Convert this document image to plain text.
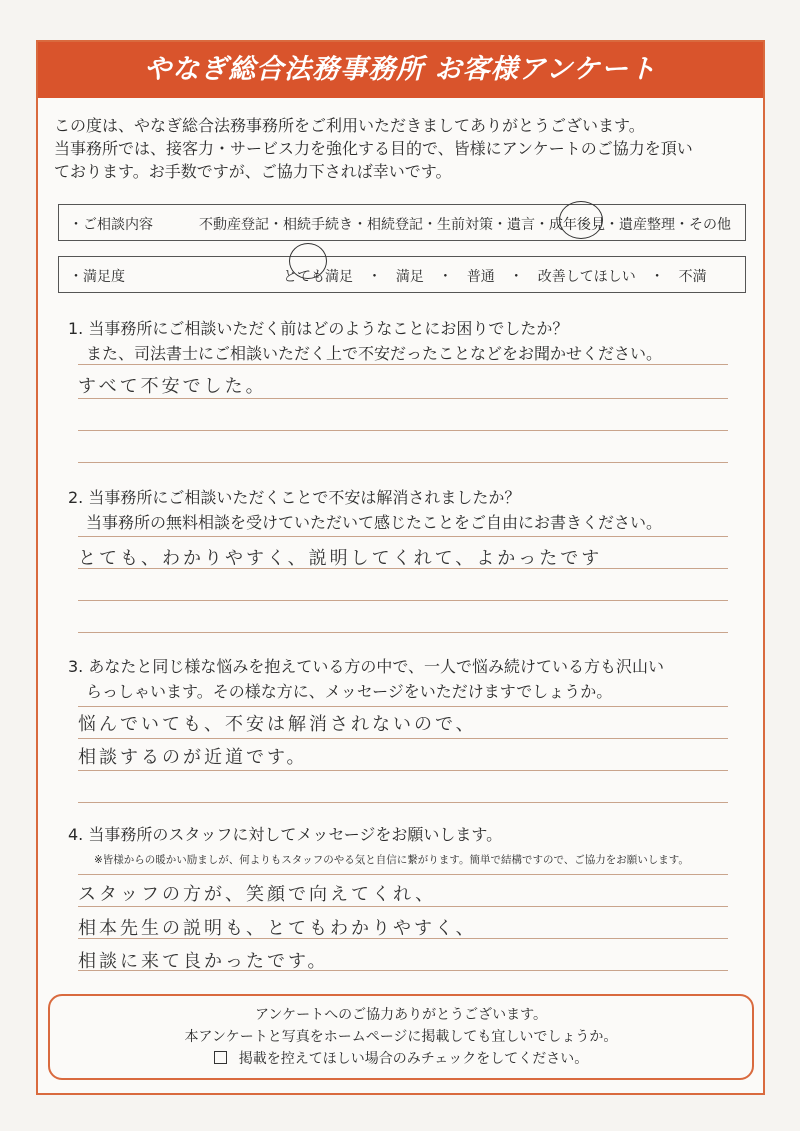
やなぎ総合法務事務所 お客様アンケート
この度は、やなぎ総合法務事務所をご利用いただきましてありがとうございます。
当事務所では、接客力・サービス力を強化する目的で、皆様にアンケートのご協力を頂い
ております。お手数ですが、ご協力下されば幸いです。
・ご相談内容	不動産登記・相続手続き・相続登記・生前対策・遺言・成年後見・遺産整理・その他
・満足度	とても満足 ・ 満足 ・ 普通 ・ 改善してほしい ・ 不満
1. 当事務所にご相談いただく前はどのようなことにお困りでしたか？
また、司法書士にご相談いただく上で不安だったことなどをお聞かせください。
すべて不安でした。
2. 当事務所にご相談いただくことで不安は解消されましたか？
当事務所の無料相談を受けていただいて感じたことをご自由にお書きください。
とても、わかりやすく、説明してくれて、よかったです
3. あなたと同じ様な悩みを抱えている方の中で、一人で悩み続けている方も沢山い
らっしゃいます。その様な方に、メッセージをいただけますでしょうか。
悩んでいても、不安は解消されないので、
相談するのが近道です。
4. 当事務所のスタッフに対してメッセージをお願いします。
※皆様からの暖かい励ましが、何よりもスタッフのやる気と自信に繋がります。簡単で結構ですので、ご協力をお願いします。
スタッフの方が、笑顔で向えてくれ、
相本先生の説明も、とてもわかりやすく、
相談に来て良かったです。
アンケートへのご協力ありがとうございます。
本アンケートと写真をホームページに掲載しても宜しいでしょうか。
掲載を控えてほしい場合のみチェックをしてください。
